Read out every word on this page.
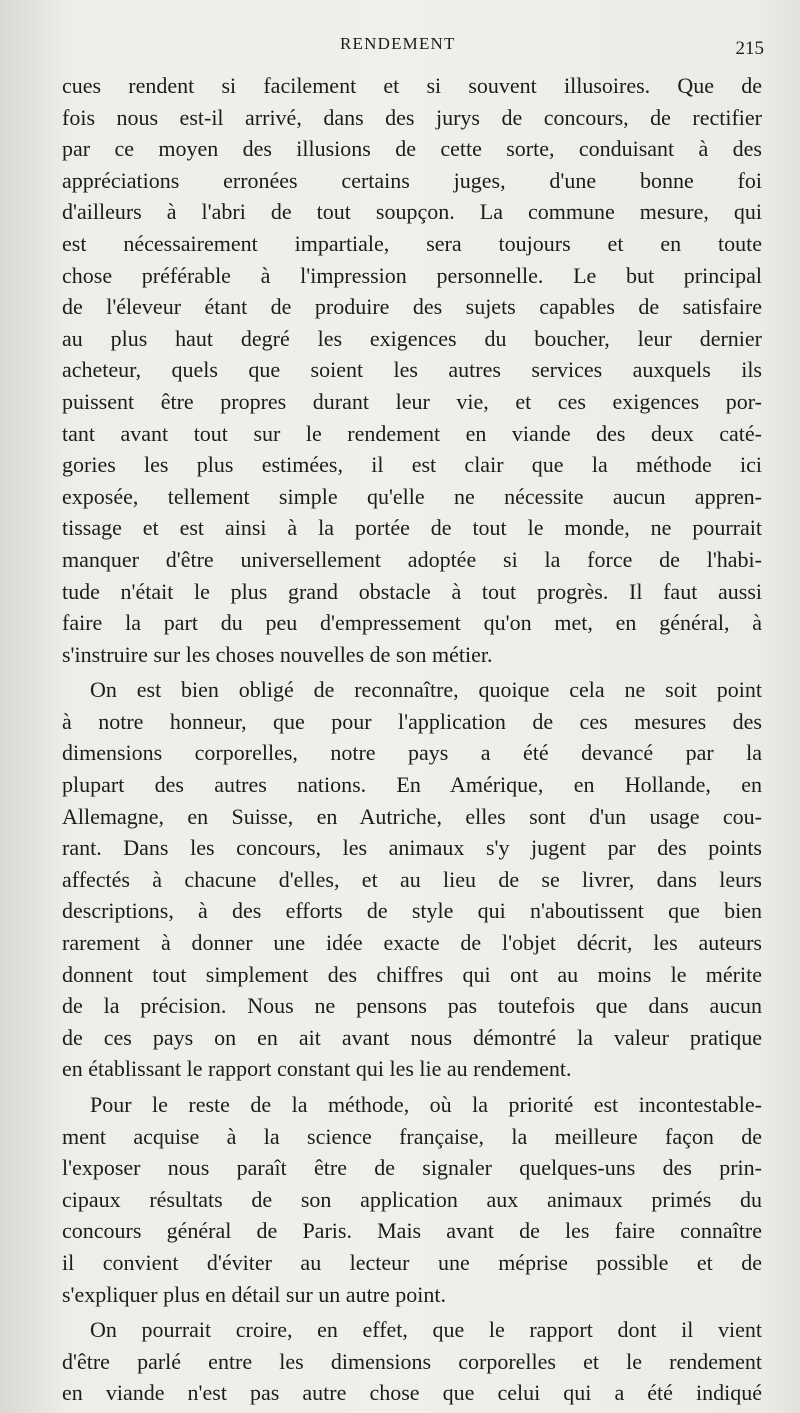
RENDEMENT	215
cues rendent si facilement et si souvent illusoires. Que de
fois nous est-il arrivé, dans des jurys de concours, de rectifier
par ce moyen des illusions de cette sorte, conduisant à des
appréciations erronées certains juges, d'une bonne foi
d'ailleurs à l'abri de tout soupçon. La commune mesure, qui
est nécessairement impartiale, sera toujours et en toute
chose préférable à l'impression personnelle. Le but principal
de l'éleveur étant de produire des sujets capables de satisfaire
au plus haut degré les exigences du boucher, leur dernier
acheteur, quels que soient les autres services auxquels ils
puissent être propres durant leur vie, et ces exigences por-
tant avant tout sur le rendement en viande des deux caté-
gories les plus estimées, il est clair que la méthode ici
exposée, tellement simple qu'elle ne nécessite aucun appren-
tissage et est ainsi à la portée de tout le monde, ne pourrait
manquer d'être universellement adoptée si la force de l'habi-
tude n'était le plus grand obstacle à tout progrès. Il faut aussi
faire la part du peu d'empressement qu'on met, en général, à
s'instruire sur les choses nouvelles de son métier.
On est bien obligé de reconnaître, quoique cela ne soit point
à notre honneur, que pour l'application de ces mesures des
dimensions corporelles, notre pays a été devancé par la
plupart des autres nations. En Amérique, en Hollande, en
Allemagne, en Suisse, en Autriche, elles sont d'un usage cou-
rant. Dans les concours, les animaux s'y jugent par des points
affectés à chacune d'elles, et au lieu de se livrer, dans leurs
descriptions, à des efforts de style qui n'aboutissent que bien
rarement à donner une idée exacte de l'objet décrit, les auteurs
donnent tout simplement des chiffres qui ont au moins le mérite
de la précision. Nous ne pensons pas toutefois que dans aucun
de ces pays on en ait avant nous démontré la valeur pratique
en établissant le rapport constant qui les lie au rendement.
Pour le reste de la méthode, où la priorité est incontestable-
ment acquise à la science française, la meilleure façon de
l'exposer nous paraît être de signaler quelques-uns des prin-
cipaux résultats de son application aux animaux primés du
concours général de Paris. Mais avant de les faire connaître
il convient d'éviter au lecteur une méprise possible et de
s'expliquer plus en détail sur un autre point.
On pourrait croire, en effet, que le rapport dont il vient
d'être parlé entre les dimensions corporelles et le rendement
en viande n'est pas autre chose que celui qui a été indiqué
